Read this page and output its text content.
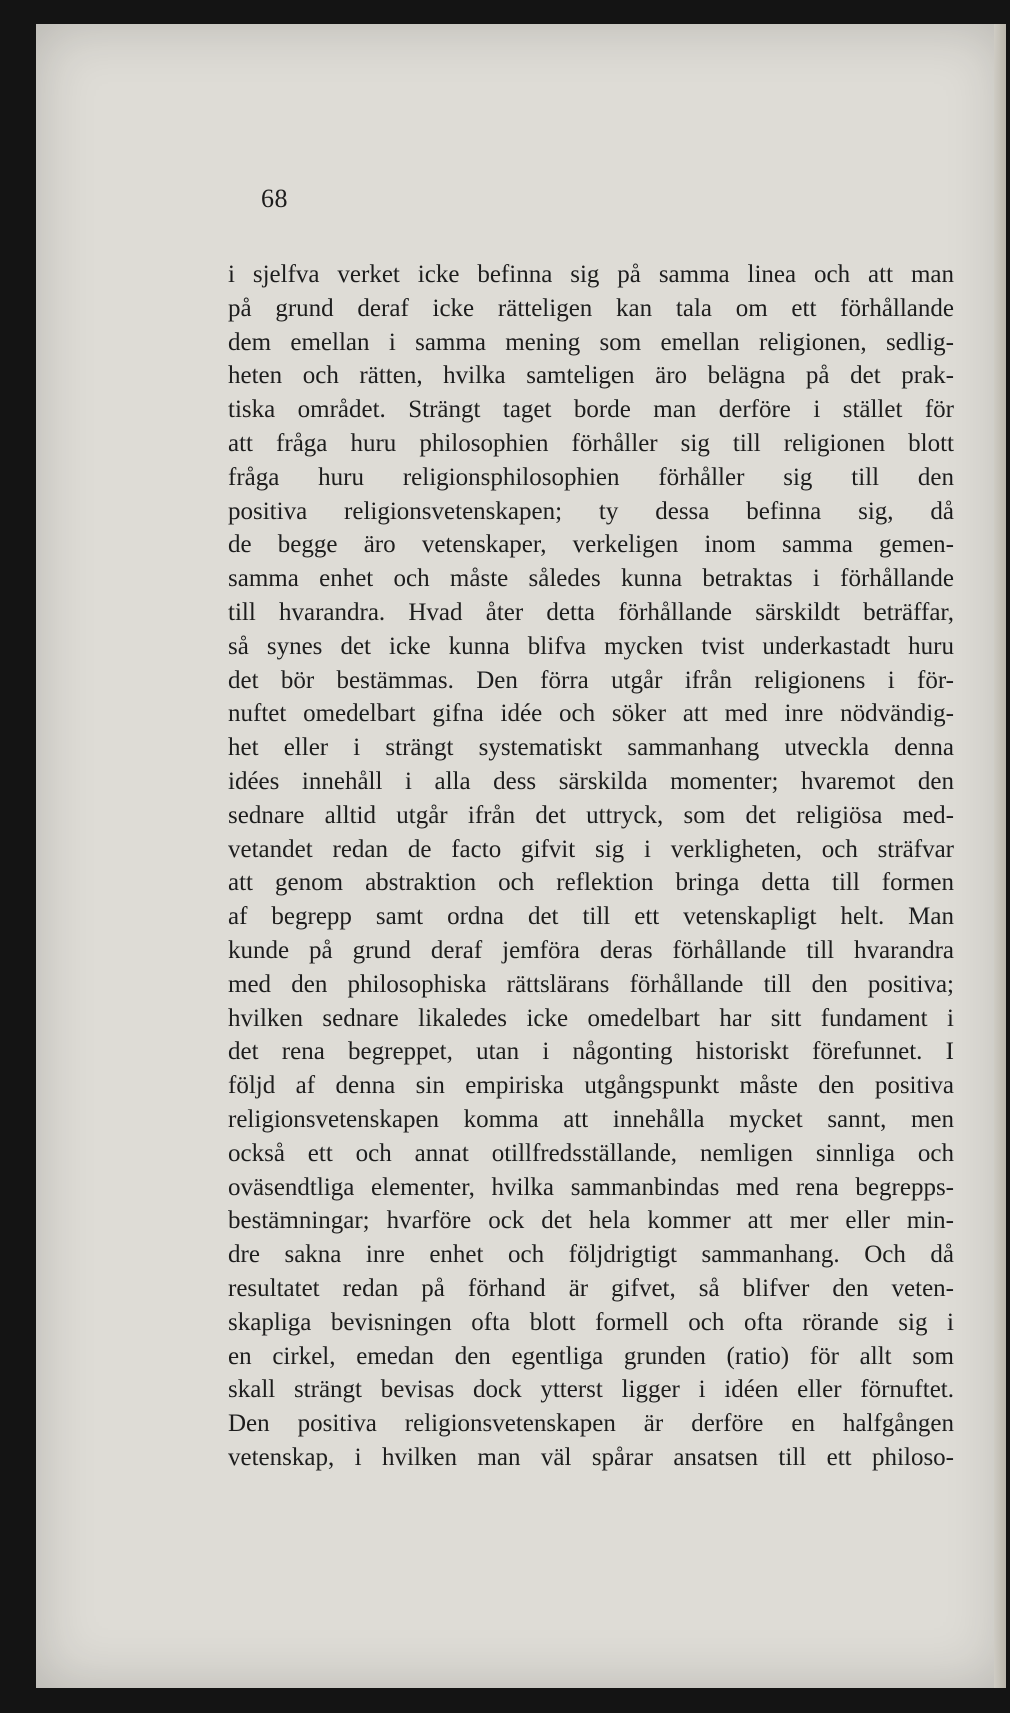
68
i sjelfva verket icke befinna sig på samma linea och att man
på grund deraf icke rätteligen kan tala om ett förhållande
dem emellan i samma mening som emellan religionen, sedlig-
heten och rätten, hvilka samteligen äro belägna på det prak-
tiska området. Strängt taget borde man derföre i stället för
att fråga huru philosophien förhåller sig till religionen blott
fråga huru religionsphilosophien förhåller sig till den
positiva religionsvetenskapen; ty dessa befinna sig, då
de begge äro vetenskaper, verkeligen inom samma gemen-
samma enhet och måste således kunna betraktas i förhållande
till hvarandra. Hvad åter detta förhållande särskildt beträffar,
så synes det icke kunna blifva mycken tvist underkastadt huru
det bör bestämmas. Den förra utgår ifrån religionens i för-
nuftet omedelbart gifna idée och söker att med inre nödvändig-
het eller i strängt systematiskt sammanhang utveckla denna
idées innehåll i alla dess särskilda momenter; hvaremot den
sednare alltid utgår ifrån det uttryck, som det religiösa med-
vetandet redan de facto gifvit sig i verkligheten, och sträfvar
att genom abstraktion och reflektion bringa detta till formen
af begrepp samt ordna det till ett vetenskapligt helt. Man
kunde på grund deraf jemföra deras förhållande till hvarandra
med den philosophiska rättslärans förhållande till den positiva;
hvilken sednare likaledes icke omedelbart har sitt fundament i
det rena begreppet, utan i någonting historiskt förefunnet. I
följd af denna sin empiriska utgångspunkt måste den positiva
religionsvetenskapen komma att innehålla mycket sannt, men
också ett och annat otillfredsställande, nemligen sinnliga och
oväsendtliga elementer, hvilka sammanbindas med rena begrepps-
bestämningar; hvarföre ock det hela kommer att mer eller min-
dre sakna inre enhet och följdrigtigt sammanhang. Och då
resultatet redan på förhand är gifvet, så blifver den veten-
skapliga bevisningen ofta blott formell och ofta rörande sig i
en cirkel, emedan den egentliga grunden (ratio) för allt som
skall strängt bevisas dock ytterst ligger i idéen eller förnuftet.
Den positiva religionsvetenskapen är derföre en halfgången
vetenskap, i hvilken man väl spårar ansatsen till ett philoso-
